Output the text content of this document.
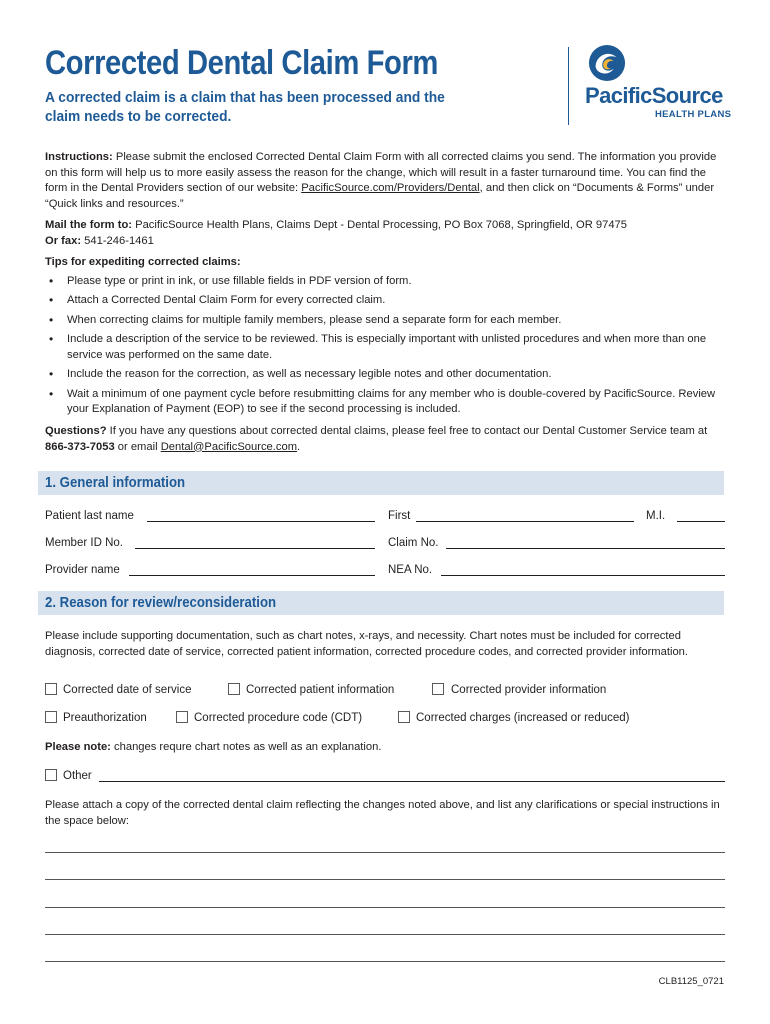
Corrected Dental Claim Form
A corrected claim is a claim that has been processed and the claim needs to be corrected.
PacificSource
HEALTH PLANS
Instructions: Please submit the enclosed Corrected Dental Claim Form with all corrected claims you send. The information you provide on this form will help us to more easily assess the reason for the change, which will result in a faster turnaround time. You can find the form in the Dental Providers section of our website: PacificSource.com/Providers/Dental, and then click on “Documents & Forms” under “Quick links and resources.”
Mail the form to: PacificSource Health Plans, Claims Dept - Dental Processing, PO Box 7068, Springfield, OR 97475
Or fax: 541-246-1461
Tips for expediting corrected claims:
• Please type or print in ink, or use fillable fields in PDF version of form.
• Attach a Corrected Dental Claim Form for every corrected claim.
• When correcting claims for multiple family members, please send a separate form for each member.
• Include a description of the service to be reviewed. This is especially important with unlisted procedures and when more than one service was performed on the same date.
• Include the reason for the correction, as well as necessary legible notes and other documentation.
• Wait a minimum of one payment cycle before resubmitting claims for any member who is double-covered by PacificSource. Review your Explanation of Payment (EOP) to see if the second processing is included.
Questions? If you have any questions about corrected dental claims, please feel free to contact our Dental Customer Service team at 866-373-7053 or email Dental@PacificSource.com.
1. General information
Patient last name	First	M.I.
Member ID No.	Claim No.
Provider name	NEA No.
2. Reason for review/reconsideration
Please include supporting documentation, such as chart notes, x-rays, and necessity. Chart notes must be included for corrected diagnosis, corrected date of service, corrected patient information, corrected procedure codes, and corrected provider information.
Corrected date of service	Corrected patient information	Corrected provider information
Preauthorization	Corrected procedure code (CDT)	Corrected charges (increased or reduced)
Please note: changes requre chart notes as well as an explanation.
Other
Please attach a copy of the corrected dental claim reflecting the changes noted above, and list any clarifications or special instructions in the space below:
CLB1125_0721
